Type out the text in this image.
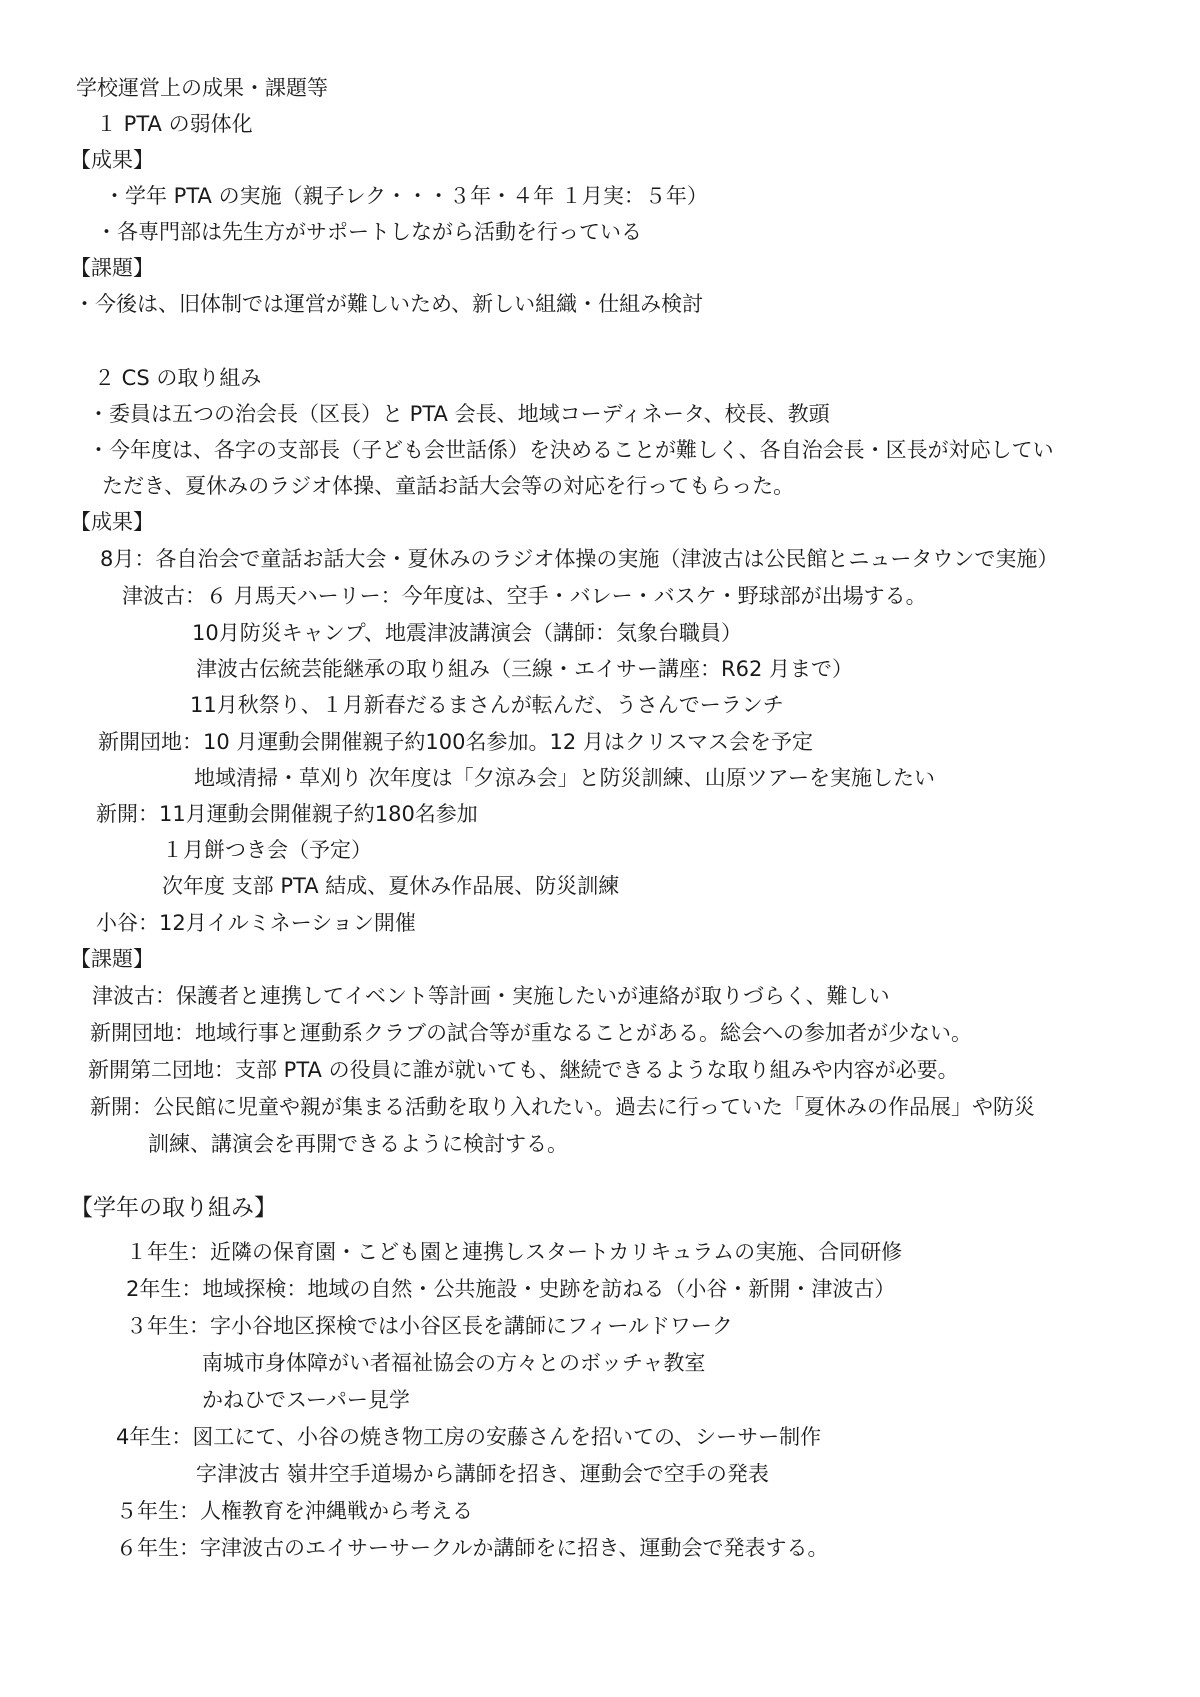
学校運営上の成果・課題等
１ PTA の弱体化
【成果】
・学年 PTA の実施（親子レク・・・３年・４年 １月実：５年）
・各専門部は先生方がサポートしながら活動を行っている
【課題】
・今後は、旧体制では運営が難しいため、新しい組織・仕組み検討
２ CS の取り組み
・委員は五つの治会長（区長）と PTA 会長、地域コーディネータ、校長、教頭
・今年度は、各字の支部長（子ども会世話係）を決めることが難しく、各自治会長・区長が対応してい
ただき、夏休みのラジオ体操、童話お話大会等の対応を行ってもらった。
【成果】
8月：各自治会で童話お話大会・夏休みのラジオ体操の実施（津波古は公民館とニュータウンで実施）
津波古：６ 月馬天ハーリー：今年度は、空手・バレー・バスケ・野球部が出場する。
10月防災キャンプ、地震津波講演会（講師：気象台職員）
津波古伝統芸能継承の取り組み（三線・エイサー講座：R62 月まで）
11月秋祭り、１月新春だるまさんが転んだ、うさんでーランチ
新開団地：10 月運動会開催親子約100名参加。12 月はクリスマス会を予定
地域清掃・草刈り 次年度は「夕涼み会」と防災訓練、山原ツアーを実施したい
新開：11月運動会開催親子約180名参加
１月餅つき会（予定）
次年度 支部 PTA 結成、夏休み作品展、防災訓練
小谷：12月イルミネーション開催
【課題】
津波古：保護者と連携してイベント等計画・実施したいが連絡が取りづらく、難しい
新開団地：地域行事と運動系クラブの試合等が重なることがある。総会への参加者が少ない。
新開第二団地：支部 PTA の役員に誰が就いても、継続できるような取り組みや内容が必要。
新開：公民館に児童や親が集まる活動を取り入れたい。過去に行っていた「夏休みの作品展」や防災
訓練、講演会を再開できるように検討する。
【学年の取り組み】
１年生：近隣の保育園・こども園と連携しスタートカリキュラムの実施、合同研修
2年生：地域探検：地域の自然・公共施設・史跡を訪ねる（小谷・新開・津波古）
３年生：字小谷地区探検では小谷区長を講師にフィールドワーク
南城市身体障がい者福祉協会の方々とのボッチャ教室
かねひでスーパー見学
4年生：図工にて、小谷の焼き物工房の安藤さんを招いての、シーサー制作
字津波古 嶺井空手道場から講師を招き、運動会で空手の発表
５年生：人権教育を沖縄戦から考える
６年生：字津波古のエイサーサークルか講師をに招き、運動会で発表する。
